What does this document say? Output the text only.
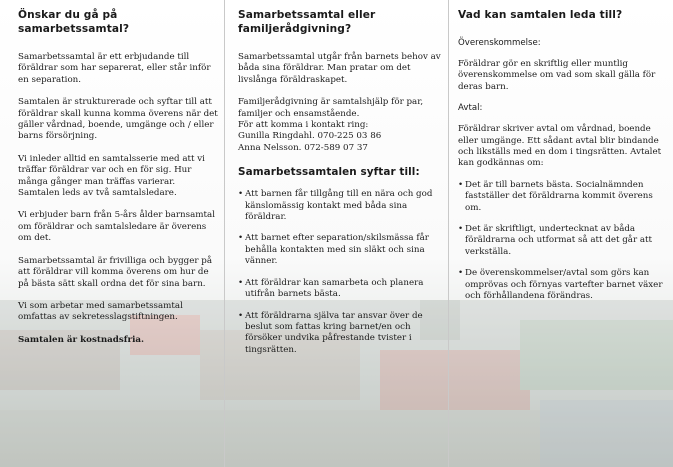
Önskar du gå på samarbetssamtal?

Samarbetssamtal är ett erbjudande till föräldrar som har separerat, eller står inför en separation.

Samtalen är strukturerade och syftar till att föräldrar skall kunna komma överens när det gäller vårdnad, boende, umgänge och / eller barns försörjning.

Vi inleder alltid en samtalsserie med att vi träffar föräldrar var och en för sig. Hur många gånger man träffas varierar. Samtalen leds av två samtalsledare.

Vi erbjuder barn från 5-års ålder barnsamtal om föräldrar och samtalsledare är överens om det.

Samarbetssamtal är frivilliga och bygger på att föräldrar vill komma överens om hur de på bästa sätt skall ordna det för sina barn.

Vi som arbetar med samarbetssamtal omfattas av sekretesslagstiftningen.

Samtalen är kostnadsfria.

Samarbetssamtal eller familjerådgivning?

Samarbetssamtal utgår från barnets behov av båda sina föräldrar. Man pratar om det livslånga föräldraskapet.

Familjerådgivning är samtalshjälp för par, familjer och ensamstående.

För att komma i kontakt ring:

Gunilla Ringdahl. 070-225 03 86

Anna Nelsson. 072-589 07 37

Samarbetssamtalen syftar till:
• Att barnen får tillgång till en nära och god känslomässig kontakt med båda sina föräldrar.
• Att barnet efter separation/skilsmässa får behålla kontakten med sin släkt och sina vänner.
• Att föräldrar kan samarbeta och planera utifrån barnets bästa.
• Att föräldrarna själva tar ansvar över de beslut som fattas kring barnet/en och försöker undvika påfrestande tvister i tingsrätten.
Vad kan samtalen leda till?

Överenskommelse:

Föräldrar gör en skriftlig eller muntlig överenskommelse om vad som skall gälla för deras barn.

Avtal:

Föräldrar skriver avtal om vårdnad, boende eller umgänge. Ett sådant avtal blir bindande och likställs med en dom i tingsrätten. Avtalet kan godkännas om:

• Det är till barnets bästa. Socialnämnden fastställer det föräldrarna kommit överens om.
• Det är skriftligt, undertecknat av båda föräldrarna och utformat så att det går att verkställa.
• De överenskommelser/avtal som görs kan omprövas och förnyas vartefter barnet växer och förhållandena förändras.
